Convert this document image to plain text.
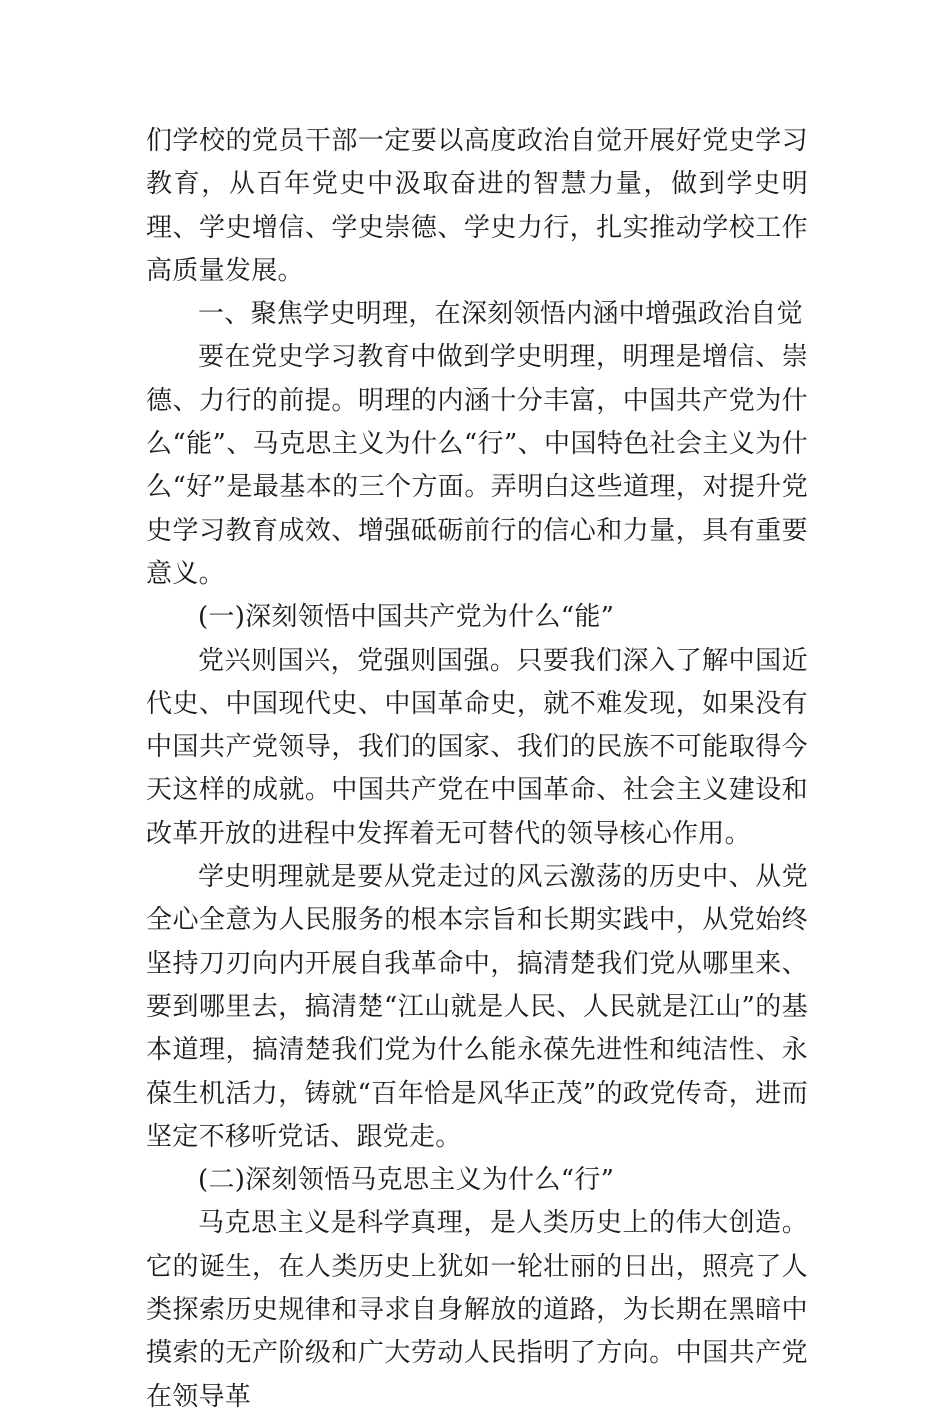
们学校的党员干部一定要以高度政治自觉开展好党史学习教育，从百年党史中汲取奋进的智慧力量，做到学史明理、学史增信、学史崇德、学史力行，扎实推动学校工作高质量发展。

一、聚焦学史明理，在深刻领悟内涵中增强政治自觉

要在党史学习教育中做到学史明理，明理是增信、崇德、力行的前提。明理的内涵十分丰富，中国共产党为什么“能”、马克思主义为什么“行”、中国特色社会主义为什么“好”是最基本的三个方面。弄明白这些道理，对提升党史学习教育成效、增强砥砺前行的信心和力量，具有重要意义。

(一)深刻领悟中国共产党为什么“能”

党兴则国兴，党强则国强。只要我们深入了解中国近代史、中国现代史、中国革命史，就不难发现，如果没有中国共产党领导，我们的国家、我们的民族不可能取得今天这样的成就。中国共产党在中国革命、社会主义建设和改革开放的进程中发挥着无可替代的领导核心作用。

学史明理就是要从党走过的风云激荡的历史中、从党全心全意为人民服务的根本宗旨和长期实践中，从党始终坚持刀刃向内开展自我革命中，搞清楚我们党从哪里来、要到哪里去，搞清楚“江山就是人民、人民就是江山”的基本道理，搞清楚我们党为什么能永葆先进性和纯洁性、永葆生机活力，铸就“百年恰是风华正茂”的政党传奇，进而坚定不移听党话、跟党走。

(二)深刻领悟马克思主义为什么“行”

马克思主义是科学真理，是人类历史上的伟大创造。它的诞生，在人类历史上犹如一轮壮丽的日出，照亮了人类探索历史规律和寻求自身解放的道路，为长期在黑暗中摸索的无产阶级和广大劳动人民指明了方向。中国共产党在领导革
